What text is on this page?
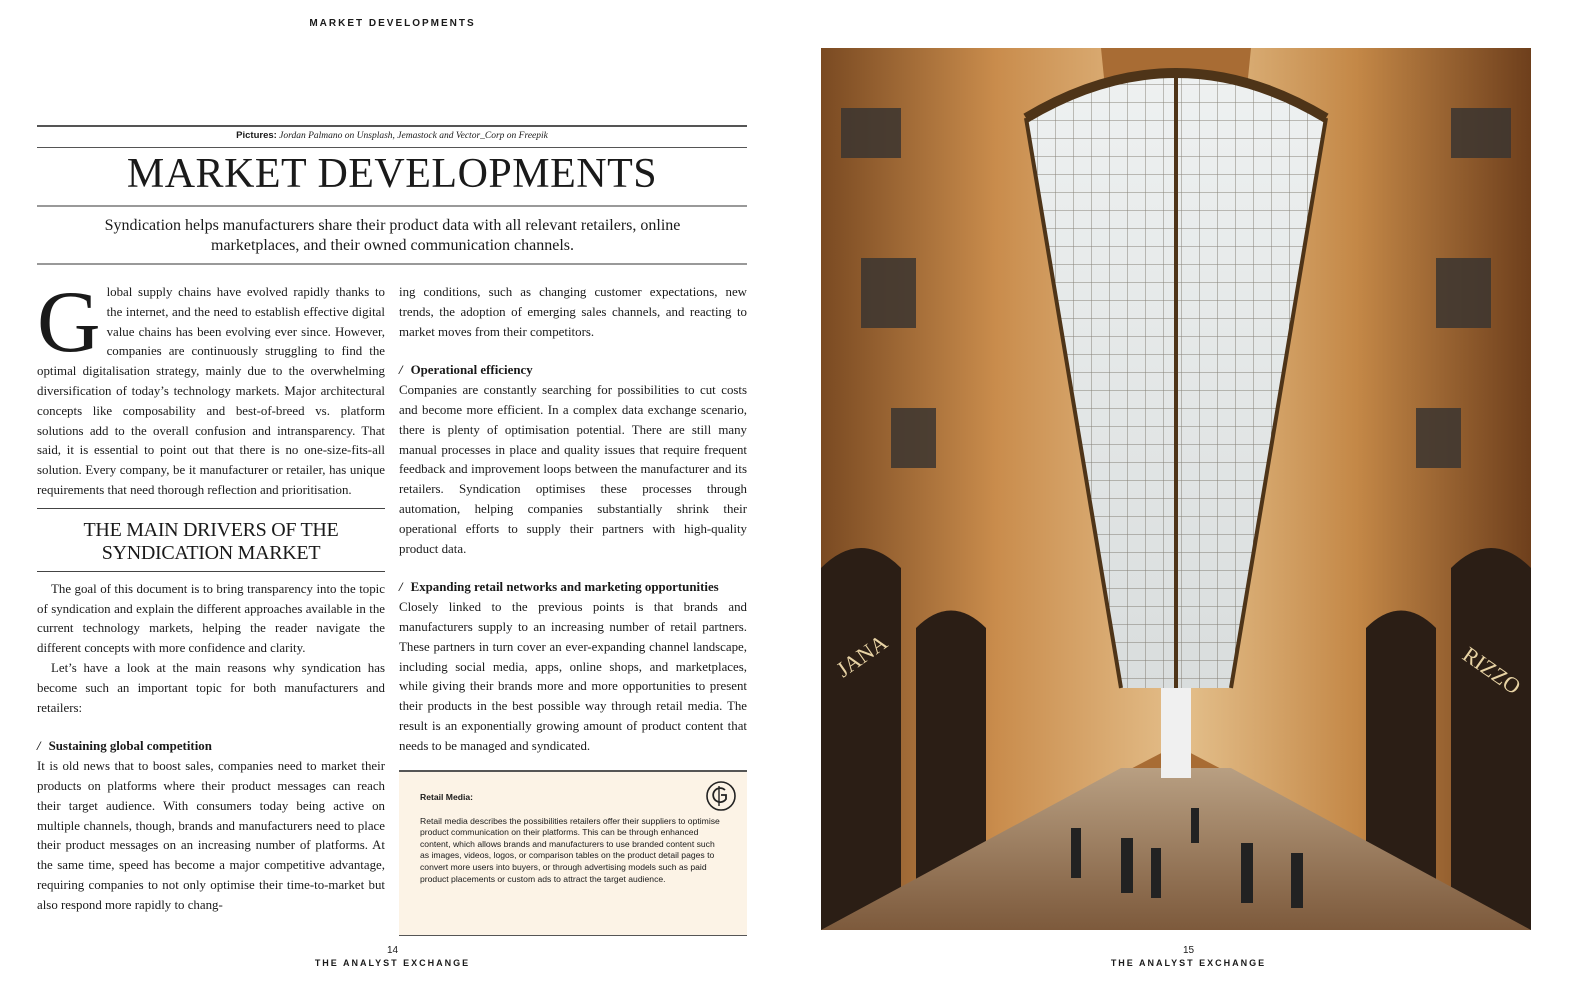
MARKET DEVELOPMENTS
Pictures: Jordan Palmano on Unsplash, Jemastock and Vector_Corp on Freepik
MARKET DEVELOPMENTS

Syndication helps manufacturers share their product data with all relevant retailers, online marketplaces, and their owned communication channels.

Global supply chains have evolved rapidly thanks to the internet, and the need to establish effective digital value chains has been evolving ever since. However, companies are continuously struggling to find the optimal digitalisation strategy, mainly due to the overwhelming diversification of today’s technology markets. Major architectural concepts like composability and best-of-breed vs. platform solutions add to the overall confusion and intransparency. That said, it is essential to point out that there is no one-size-fits-all solution. Every company, be it manufacturer or retailer, has unique requirements that need thorough reflection and prioritisation.

THE MAIN DRIVERS OF THE SYNDICATION MARKET

The goal of this document is to bring transparency into the topic of syndication and explain the different approaches available in the current technology markets, helping the reader navigate the different concepts with more confidence and clarity.

Let’s have a look at the main reasons why syndication has become such an important topic for both manufacturers and retailers:

/ Sustaining global competition

It is old news that to boost sales, companies need to market their products on platforms where their product messages can reach their target audience. With consumers today being active on multiple channels, though, brands and manufacturers need to place their product messages on an increasing number of platforms. At the same time, speed has become a major competitive advantage, requiring companies to not only optimise their time-to-market but also respond more rapidly to chang-

ing conditions, such as changing customer expectations, new trends, the adoption of emerging sales channels, and reacting to market moves from their competitors.

/ Operational efficiency

Companies are constantly searching for possibilities to cut costs and become more efficient. In a complex data exchange scenario, there is plenty of optimisation potential. There are still many manual processes in place and quality issues that require frequent feedback and improvement loops between the manufacturer and its retailers. Syndication optimises these processes through automation, helping companies substantially shrink their operational efforts to supply their partners with high-quality product data.

/ Expanding retail networks and marketing opportunities

Closely linked to the previous points is that brands and manufacturers supply to an increasing number of retail partners. These partners in turn cover an ever-expanding channel landscape, including social media, apps, online shops, and marketplaces, while giving their brands more and more opportunities to present their products in the best possible way through retail media. The result is an exponentially growing amount of product content that needs to be managed and syndicated.

Retail Media:

Retail media describes the possibilities retailers offer their suppliers to optimise product communication on their platforms. This can be through enhanced content, which allows brands and manufacturers to use branded content such as images, videos, logos, or comparison tables on the product detail pages to convert more users into buyers, or through advertising models such as paid product placements or custom ads to attract the target audience.

14
THE ANALYST EXCHANGE
JANA	RIZZO
15
THE ANALYST EXCHANGE
